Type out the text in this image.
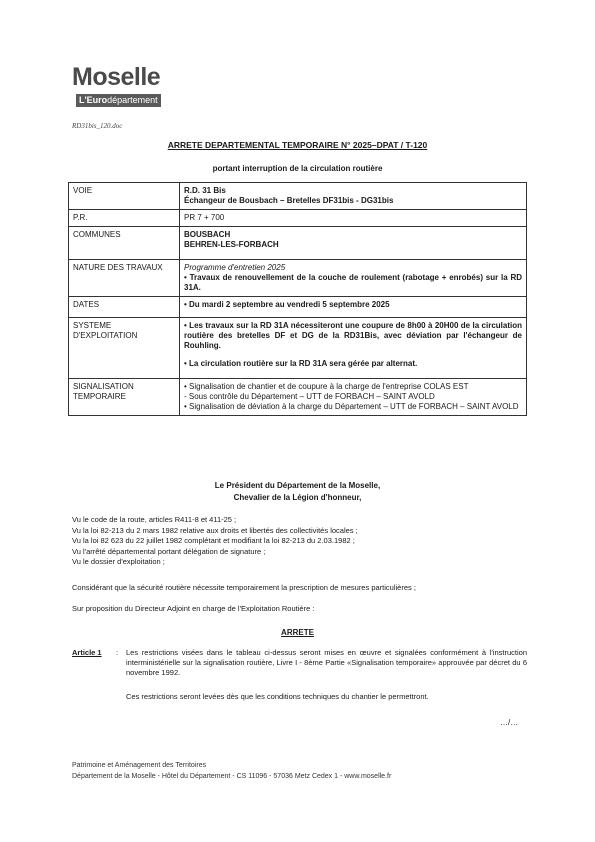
Moselle
L'Eurodépartement
RD31bis_120.doc
ARRETE DEPARTEMENTAL TEMPORAIRE N° 2025–DPAT / T-120
portant interruption de la circulation routière
VOIE	R.D. 31 Bis
Échangeur de Bousbach – Bretelles DF31bis - DG31bis

P.R.	PR 7 + 700
COMMUNES	BOUSBACH
BEHREN-LES-FORBACH

NATURE DES TRAVAUX	Programme d'entretien 2025
• Travaux de renouvellement de la couche de roulement (rabotage + enrobés) sur la RD 31A.

DATES	• Du mardi 2 septembre au vendredi 5 septembre 2025
SYSTEME D'EXPLOITATION	• Les travaux sur la RD 31A nécessiteront une coupure de 8h00 à 20H00 de la circulation routière des bretelles DF et DG de la RD31Bis, avec déviation par l'échangeur de Rouhling.
• La circulation routière sur la RD 31A sera gérée par alternat.

SIGNALISATION TEMPORAIRE	• Signalisation de chantier et de coupure à la charge de l'entreprise COLAS EST
- Sous contrôle du Département – UTT de FORBACH – SAINT AVOLD
• Signalisation de déviation à la charge du Département – UTT de FORBACH – SAINT AVOLD
Le Président du Département de la Moselle,
Chevalier de la Légion d'honneur,
Vu le code de la route, articles R411-8 et 411-25 ;
Vu la loi 82-213 du 2 mars 1982 relative aux droits et libertés des collectivités locales ;
Vu la loi 82 623 du 22 juillet 1982 complétant et modifiant la loi 82-213 du 2.03.1982 ;
Vu l'arrêté départemental portant délégation de signature ;
Vu le dossier d'exploitation ;
Considérant que la sécurité routière nécessite temporairement la prescription de mesures particulières ;
Sur proposition du Directeur Adjoint en charge de l'Exploitation Routière :
ARRETE
Article 1 : Les restrictions visées dans le tableau ci-dessus seront mises en œuvre et signalées conformément à l'instruction interministérielle sur la signalisation routière, Livre I - 8ème Partie «Signalisation temporaire» approuvée par décret du 6 novembre 1992.
Ces restrictions seront levées dès que les conditions techniques du chantier le permettront.
…/…
Patrimoine et Aménagement des Territoires
Département de la Moselle - Hôtel du Département - CS 11096 - 57036 Metz Cedex 1 - www.moselle.fr
